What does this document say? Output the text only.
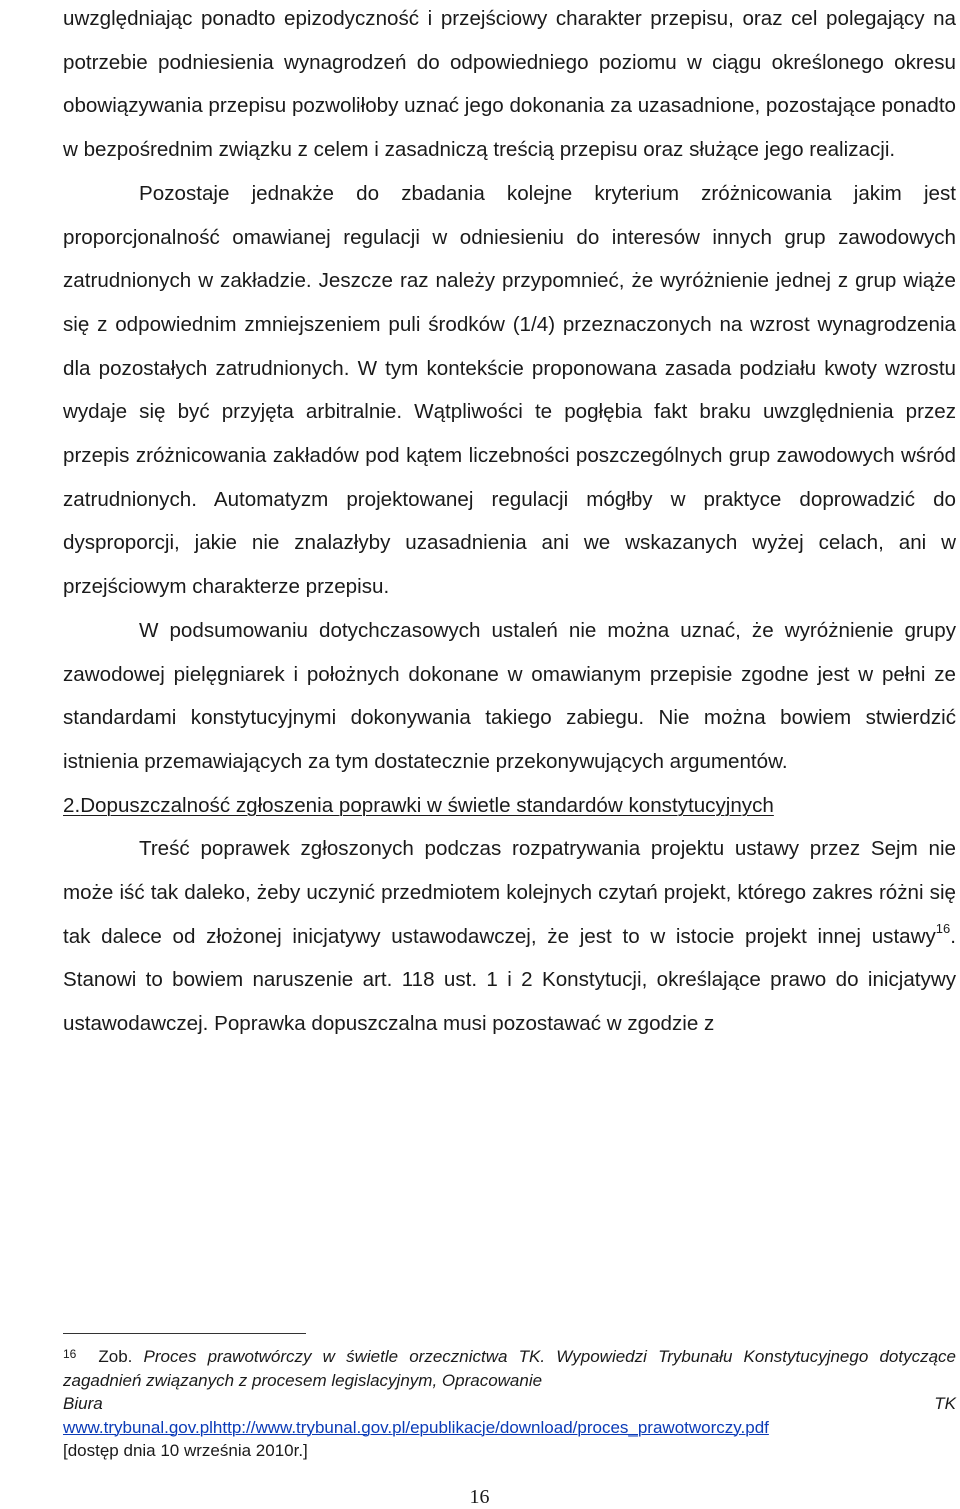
uwzględniając ponadto epizodyczność i przejściowy charakter przepisu, oraz cel polegający na potrzebie podniesienia wynagrodzeń do odpowiedniego poziomu w ciągu określonego okresu obowiązywania przepisu pozwoliłoby uznać jego dokonania za uzasadnione, pozostające ponadto w bezpośrednim związku z celem i zasadniczą treścią przepisu oraz służące jego realizacji.

Pozostaje jednakże do zbadania kolejne kryterium zróżnicowania jakim jest proporcjonalność omawianej regulacji w odniesieniu do interesów innych grup zawodowych zatrudnionych w zakładzie. Jeszcze raz należy przypomnieć, że wyróżnienie jednej z grup wiąże się z odpowiednim zmniejszeniem puli środków (1/4) przeznaczonych na wzrost wynagrodzenia dla pozostałych zatrudnionych. W tym kontekście proponowana zasada podziału kwoty wzrostu wydaje się być przyjęta arbitralnie. Wątpliwości te pogłębia fakt braku uwzględnienia przez przepis zróżnicowania zakładów pod kątem liczebności poszczególnych grup zawodowych wśród zatrudnionych. Automatyzm projektowanej regulacji mógłby w praktyce doprowadzić do dysproporcji, jakie nie znalazłyby uzasadnienia ani we wskazanych wyżej celach, ani w przejściowym charakterze przepisu.

W podsumowaniu dotychczasowych ustaleń nie można uznać, że wyróżnienie grupy zawodowej pielęgniarek i położnych dokonane w omawianym przepisie zgodne jest w pełni ze standardami konstytucyjnymi dokonywania takiego zabiegu. Nie można bowiem stwierdzić istnienia przemawiających za tym dostatecznie przekonywujących argumentów.

2.Dopuszczalność zgłoszenia poprawki w świetle standardów konstytucyjnych

Treść poprawek zgłoszonych podczas rozpatrywania projektu ustawy przez Sejm nie może iść tak daleko, żeby uczynić przedmiotem kolejnych czytań projekt, którego zakres różni się tak dalece od złożonej inicjatywy ustawodawczej, że jest to w istocie projekt innej ustawy$^{16}$. Stanowi to bowiem naruszenie art. 118 ust. 1 i 2 Konstytucji, określające prawo do inicjatywy ustawodawczej. Poprawka dopuszczalna musi pozostawać w zgodzie z

$^{16}$ Zob. Proces prawotwórczy w świetle orzecznictwa TK. Wypowiedzi Trybunału Konstytucyjnego dotyczące zagadnień związanych z procesem legislacyjnym, Opracowanie

Biura	TK

www.trybunal.gov.plhttp://www.trybunal.gov.pl/epublikacje/download/proces_prawotworczy.pdf

[dostęp dnia 10 września 2010r.]

16
